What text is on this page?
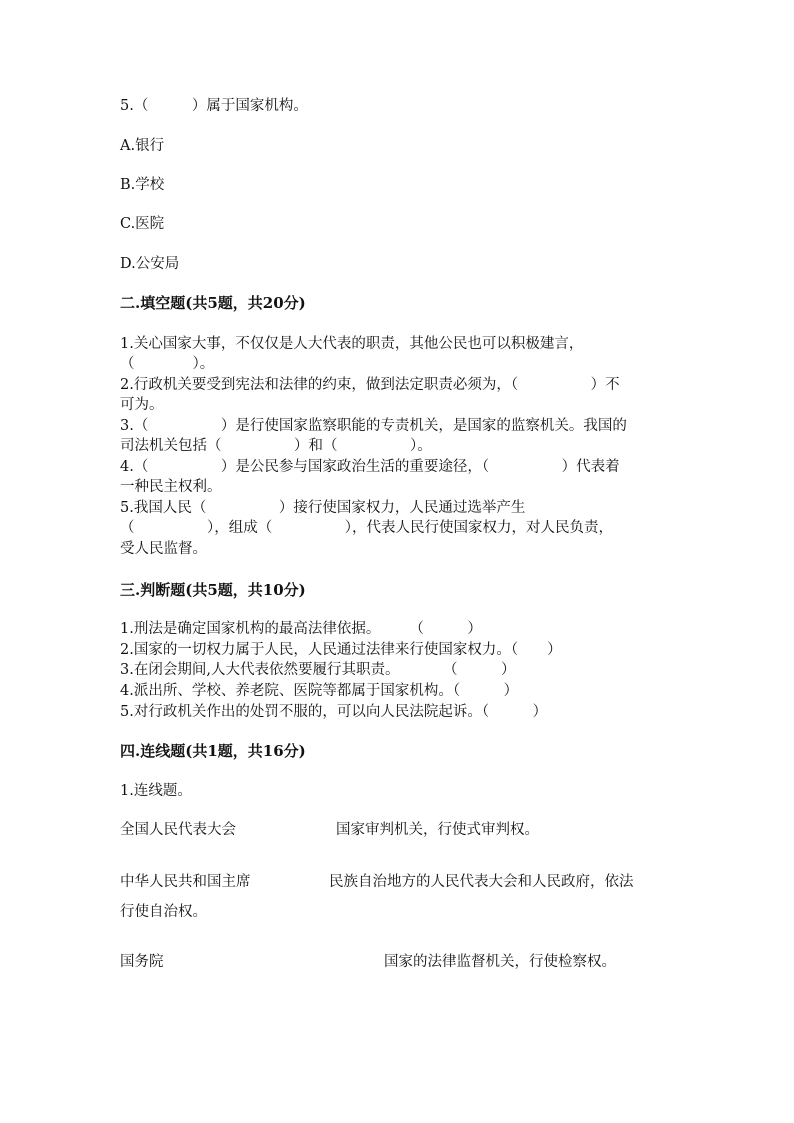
5.（　　　）属于国家机构。
A.银行
B.学校
C.医院
D.公安局
二.填空题(共5题，共20分)
1.关心国家大事，不仅仅是人大代表的职责，其他公民也可以积极建言，
（　　　　）。
2.行政机关要受到宪法和法律的约束，做到法定职责必须为，（　　　　　）不
可为。
3.（　　　　　）是行使国家监察职能的专责机关，是国家的监察机关。我国的
司法机关包括（　　　　　）和（　　　　　）。
4.（　　　　　）是公民参与国家政治生活的重要途径，（　　　　　）代表着
一种民主权利。
5.我国人民（　　　　　）接行使国家权力，人民通过选举产生
（　　　　　），组成（　　　　　），代表人民行使国家权力，对人民负责，
受人民监督。
三.判断题(共5题，共10分)
1.刑法是确定国家机构的最高法律依据。　　　（　　　）
2.国家的一切权力属于人民，人民通过法律来行使国家权力。（　　）
3.在闭会期间,人大代表依然要履行其职责。　　　　（　　　）
4.派出所、学校、养老院、医院等都属于国家机构。（　　　）
5.对行政机关作出的处罚不服的，可以向人民法院起诉。（　　　）
四.连线题(共1题，共16分)
1.连线题。
全国人民代表大会	国家审判机关，行使式审判权。
中华人民共和国主席	民族自治地方的人民代表大会和人民政府，依法
行使自治权。
国务院	国家的法律监督机关，行使检察权。
